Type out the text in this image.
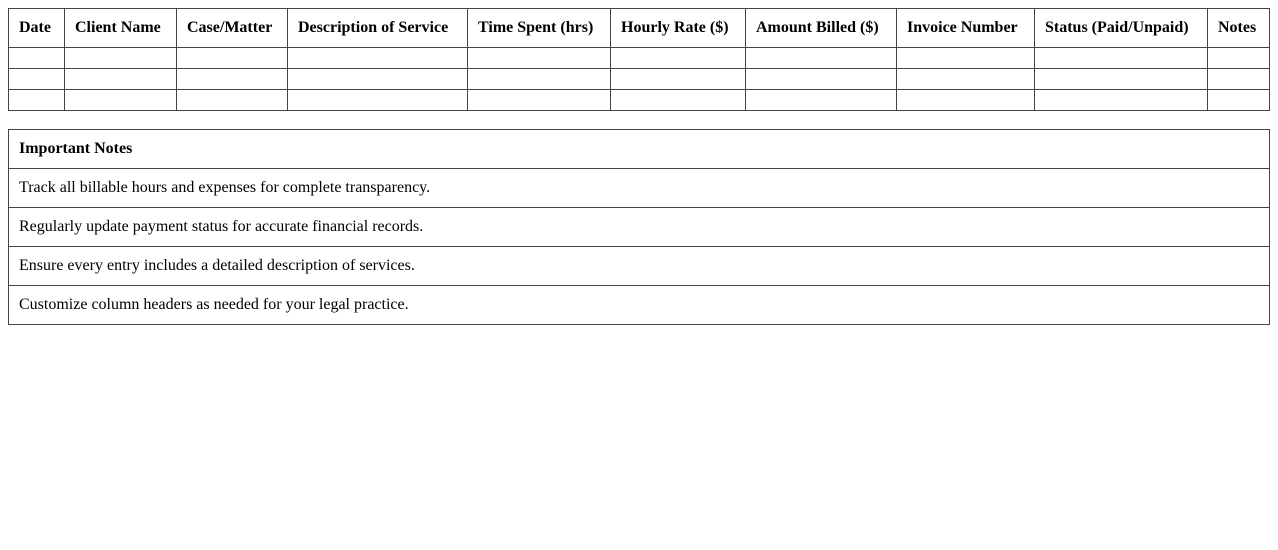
Date	Client Name	Case/Matter	Description of Service	Time Spent (hrs)	Hourly Rate ($)	Amount Billed ($)	Invoice Number	Status (Paid/Unpaid)	Notes

Important Notes
Track all billable hours and expenses for complete transparency.
Regularly update payment status for accurate financial records.
Ensure every entry includes a detailed description of services.
Customize column headers as needed for your legal practice.
